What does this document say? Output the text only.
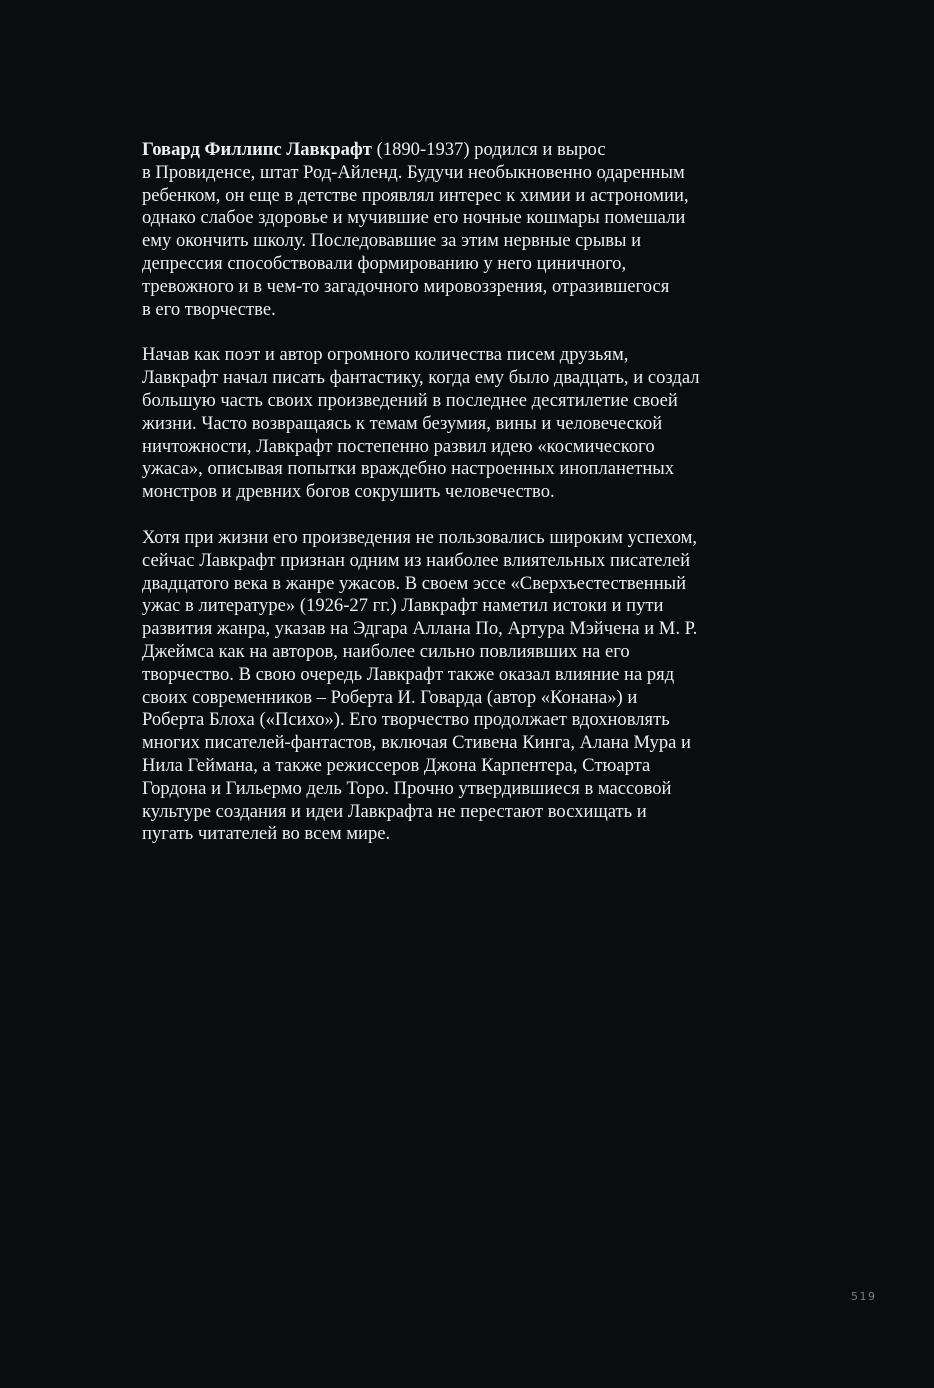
Говард Филлипс Лавкрафт (1890-1937) родился и вырос
в Провиденсе, штат Род-Айленд. Будучи необыкновенно одаренным
ребенком, он еще в детстве проявлял интерес к химии и астрономии,
однако слабое здоровье и мучившие его ночные кошмары помешали
ему окончить школу. Последовавшие за этим нервные срывы и
депрессия способствовали формированию у него циничного,
тревожного и в чем-то загадочного мировоззрения, отразившегося
в его творчестве.

Начав как поэт и автор огромного количества писем друзьям,
Лавкрафт начал писать фантастику, когда ему было двадцать, и создал
большую часть своих произведений в последнее десятилетие своей
жизни. Часто возвращаясь к темам безумия, вины и человеческой
ничтожности, Лавкрафт постепенно развил идею «космического
ужаса», описывая попытки враждебно настроенных инопланетных
монстров и древних богов сокрушить человечество.

Хотя при жизни его произведения не пользовались широким успехом,
сейчас Лавкрафт признан одним из наиболее влиятельных писателей
двадцатого века в жанре ужасов. В своем эссе «Сверхъестественный
ужас в литературе» (1926-27 гг.) Лавкрафт наметил истоки и пути
развития жанра, указав на Эдгара Аллана По, Артура Мэйчена и М. Р.
Джеймса как на авторов, наиболее сильно повлиявших на его
творчество. В свою очередь Лавкрафт также оказал влияние на ряд
своих современников – Роберта И. Говарда (автор «Конана») и
Роберта Блоха («Психо»). Его творчество продолжает вдохновлять
многих писателей-фантастов, включая Стивена Кинга, Алана Мура и
Нила Геймана, а также режиссеров Джона Карпентера, Стюарта
Гордона и Гильермо дель Торо. Прочно утвердившиеся в массовой
культуре создания и идеи Лавкрафта не перестают восхищать и
пугать читателей во всем мире.

519
